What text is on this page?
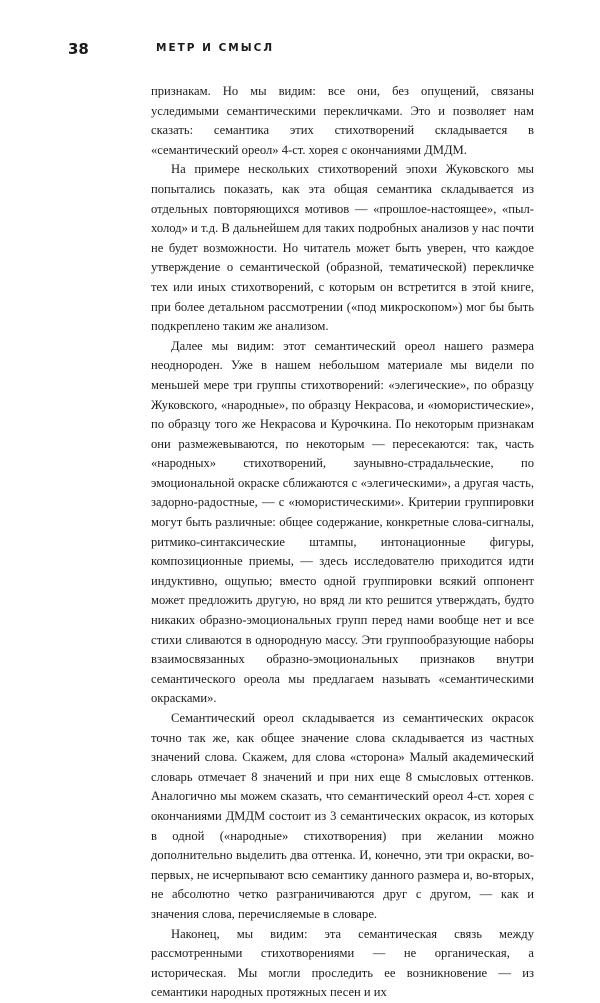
38	МЕТР И СМЫСЛ

признакам. Но мы видим: все они, без опущений, связаны уследимыми семантическими перекличками. Это и позволяет нам сказать: семантика этих стихотворений складывается в «семантический ореол» 4-ст. хорея с окончаниями ДМДМ.

На примере нескольких стихотворений эпохи Жуковского мы попытались показать, как эта общая семантика складывается из отдельных повторяющихся мотивов — «прошлое-настоящее», «пыл-холод» и т.д. В дальнейшем для таких подробных анализов у нас почти не будет возможности. Но читатель может быть уверен, что каждое утверждение о семантической (образной, тематической) перекличке тех или иных стихотворений, с которым он встретится в этой книге, при более детальном рассмотрении («под микроскопом») мог бы быть подкреплено таким же анализом.

Далее мы видим: этот семантический ореол нашего размера неоднороден. Уже в нашем небольшом материале мы видели по меньшей мере три группы стихотворений: «элегические», по образцу Жуковского, «народные», по образцу Некрасова, и «юмористические», по образцу того же Некрасова и Курочкина. По некоторым признакам они размежевываются, по некоторым — пересекаются: так, часть «народных» стихотворений, заунывно-страдальческие, по эмоциональной окраске сближаются с «элегическими», а другая часть, задорно-радостные, — с «юмористическими». Критерии группировки могут быть различные: общее содержание, конкретные слова-сигналы, ритмико-синтаксические штампы, интонационные фигуры, композиционные приемы, — здесь исследователю приходится идти индуктивно, ощупью; вместо одной группировки всякий оппонент может предложить другую, но вряд ли кто решится утверждать, будто никаких образно-эмоциональных групп перед нами вообще нет и все стихи сливаются в однородную массу. Эти группообразующие наборы взаимосвязанных образно-эмоциональных признаков внутри семантического ореола мы предлагаем называть «семантическими окрасками».

Семантический ореол складывается из семантических окрасок точно так же, как общее значение слова складывается из частных значений слова. Скажем, для слова «сторона» Малый академический словарь отмечает 8 значений и при них еще 8 смысловых оттенков. Аналогично мы можем сказать, что семантический ореол 4-ст. хорея с окончаниями ДМДМ состоит из 3 семантических окрасок, из которых в одной («народные» стихотворения) при желании можно дополнительно выделить два оттенка. И, конечно, эти три окраски, во-первых, не исчерпывают всю семантику данного размера и, во-вторых, не абсолютно четко разграничиваются друг с другом, — как и значения слова, перечисляемые в словаре.

Наконец, мы видим: эта семантическая связь между рассмотренными стихотворениями — не органическая, а историческая. Мы могли проследить ее возникновение — из семантики народных протяжных песен и их
